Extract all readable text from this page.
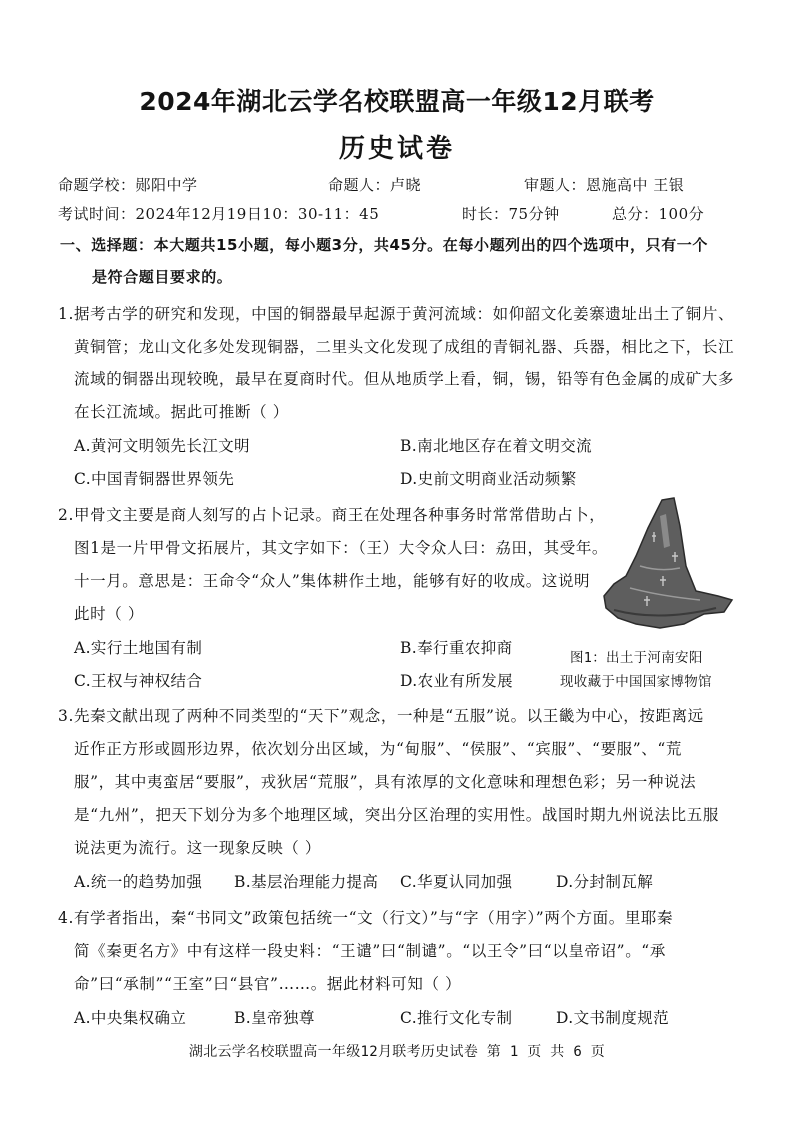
2024年湖北云学名校联盟高一年级12月联考
历史试卷
命题学校：郧阳中学	命题人：卢晓	审题人：恩施高中 王银
考试时间：2024年12月19日10：30-11：45	时长：75分钟	总分：100分
一、选择题：本大题共15小题，每小题3分，共45分。在每小题列出的四个选项中，只有一个
是符合题目要求的。
1.据考古学的研究和发现，中国的铜器最早起源于黄河流域：如仰韶文化姜寨遗址出土了铜片、
黄铜管；龙山文化多处发现铜器，二里头文化发现了成组的青铜礼器、兵器，相比之下，长江
流域的铜器出现较晚，最早在夏商时代。但从地质学上看，铜，锡，铅等有色金属的成矿大多
在长江流域。据此可推断（ ）
A.黄河文明领先长江文明	B.南北地区存在着文明交流
C.中国青铜器世界领先	D.史前文明商业活动频繁
2.甲骨文主要是商人刻写的占卜记录。商王在处理各种事务时常常借助占卜，
图1是一片甲骨文拓展片，其文字如下：（王）大令众人曰：劦田，其受年。
十一月。意思是：王命令“众人”集体耕作土地，能够有好的收成。这说明
此时（ ）
A.实行土地国有制	B.奉行重农抑商
C.王权与神权结合	D.农业有所发展
图1：出土于河南安阳
现收藏于中国国家博物馆
3.先秦文献出现了两种不同类型的“天下”观念，一种是“五服”说。以王畿为中心，按距离远
近作正方形或圆形边界，依次划分出区域，为“甸服”、“侯服”、“宾服”、“要服”、“荒
服”，其中夷蛮居“要服”，戎狄居“荒服”，具有浓厚的文化意味和理想色彩；另一种说法
是“九州”，把天下划分为多个地理区域，突出分区治理的实用性。战国时期九州说法比五服
说法更为流行。这一现象反映（ ）
A.统一的趋势加强 B.基层治理能力提高 C.华夏认同加强	D.分封制瓦解
4.有学者指出，秦“书同文”政策包括统一“文（行文）”与“字（用字）”两个方面。里耶秦
简《秦更名方》中有这样一段史料：“王谴”曰“制谴”。“以王令”曰“以皇帝诏”。“承
命”曰“承制”“王室”曰“县官”……。据此材料可知（ ）
A.中央集权确立	B.皇帝独尊	C.推行文化专制	D.文书制度规范
湖北云学名校联盟高一年级12月联考历史试卷 第 1 页 共 6 页
